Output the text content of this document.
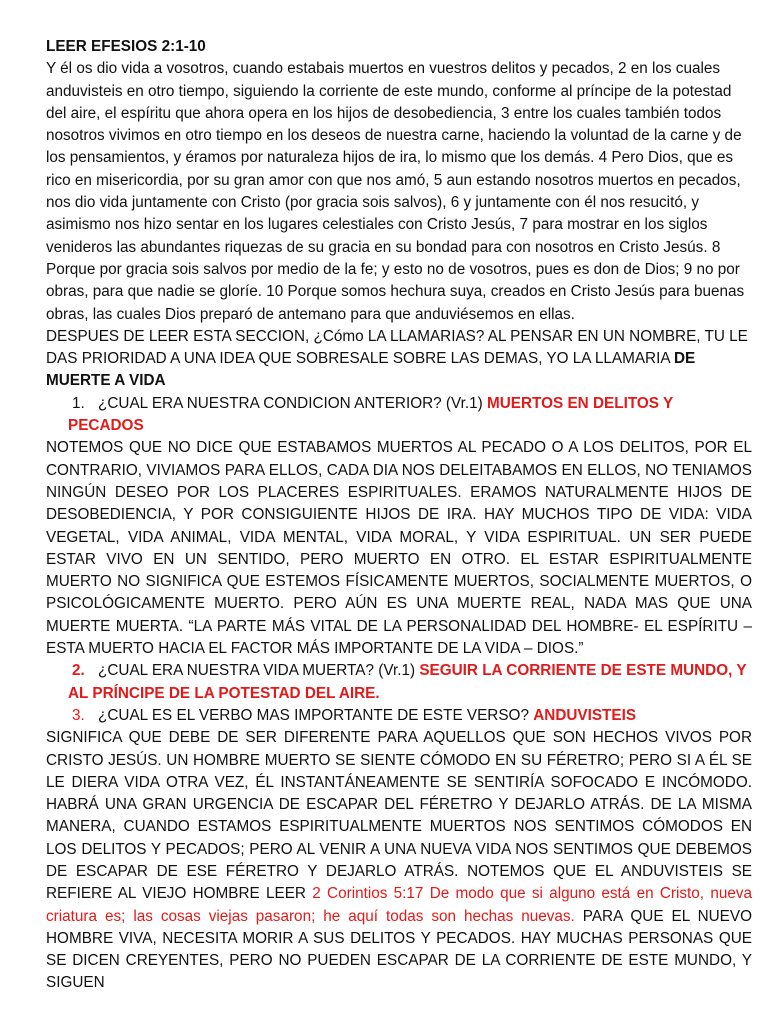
LEER EFESIOS 2:1-10

Y él os dio vida a vosotros, cuando estabais muertos en vuestros delitos y pecados, 2 en los cuales anduvisteis en otro tiempo, siguiendo la corriente de este mundo, conforme al príncipe de la potestad del aire, el espíritu que ahora opera en los hijos de desobediencia, 3 entre los cuales también todos nosotros vivimos en otro tiempo en los deseos de nuestra carne, haciendo la voluntad de la carne y de los pensamientos, y éramos por naturaleza hijos de ira, lo mismo que los demás. 4 Pero Dios, que es rico en misericordia, por su gran amor con que nos amó, 5 aun estando nosotros muertos en pecados, nos dio vida juntamente con Cristo (por gracia sois salvos), 6 y juntamente con él nos resucitó, y asimismo nos hizo sentar en los lugares celestiales con Cristo Jesús, 7 para mostrar en los siglos venideros las abundantes riquezas de su gracia en su bondad para con nosotros en Cristo Jesús. 8 Porque por gracia sois salvos por medio de la fe; y esto no de vosotros, pues es don de Dios; 9 no por obras, para que nadie se gloríe. 10 Porque somos hechura suya, creados en Cristo Jesús para buenas obras, las cuales Dios preparó de antemano para que anduviésemos en ellas.

DESPUES DE LEER ESTA SECCION, ¿Cómo LA LLAMARIAS? AL PENSAR EN UN NOMBRE, TU LE DAS PRIORIDAD A UNA IDEA QUE SOBRESALE SOBRE LAS DEMAS, YO LA LLAMARIA DE MUERTE A VIDA

1. ¿CUAL ERA NUESTRA CONDICION ANTERIOR? (Vr.1) MUERTOS EN DELITOS Y PECADOS

NOTEMOS QUE NO DICE QUE ESTABAMOS MUERTOS AL PECADO O A LOS DELITOS, POR EL CONTRARIO, VIVIAMOS PARA ELLOS, CADA DIA NOS DELEITABAMOS EN ELLOS, NO TENIAMOS NINGÚN DESEO POR LOS PLACERES ESPIRITUALES. ERAMOS NATURALMENTE HIJOS DE DESOBEDIENCIA, Y POR CONSIGUIENTE HIJOS DE IRA. HAY MUCHOS TIPO DE VIDA: VIDA VEGETAL, VIDA ANIMAL, VIDA MENTAL, VIDA MORAL, Y VIDA ESPIRITUAL. UN SER PUEDE ESTAR VIVO EN UN SENTIDO, PERO MUERTO EN OTRO. EL ESTAR ESPIRITUALMENTE MUERTO NO SIGNIFICA QUE ESTEMOS FÍSICAMENTE MUERTOS, SOCIALMENTE MUERTOS, O PSICOLÓGICAMENTE MUERTO. PERO AÚN ES UNA MUERTE REAL, NADA MAS QUE UNA MUERTE MUERTA. “LA PARTE MÁS VITAL DE LA PERSONALIDAD DEL HOMBRE- EL ESPÍRITU – ESTA MUERTO HACIA EL FACTOR MÁS IMPORTANTE DE LA VIDA – DIOS.”

2. ¿CUAL ERA NUESTRA VIDA MUERTA? (Vr.1) SEGUIR LA CORRIENTE DE ESTE MUNDO, Y AL PRÍNCIPE DE LA POTESTAD DEL AIRE.

3. ¿CUAL ES EL VERBO MAS IMPORTANTE DE ESTE VERSO? ANDUVISTEIS

SIGNIFICA QUE DEBE DE SER DIFERENTE PARA AQUELLOS QUE SON HECHOS VIVOS POR CRISTO JESÚS. UN HOMBRE MUERTO SE SIENTE CÓMODO EN SU FÉRETRO; PERO SI A ÉL SE LE DIERA VIDA OTRA VEZ, ÉL INSTANTÁNEAMENTE SE SENTIRÍA SOFOCADO E INCÓMODO. HABRÁ UNA GRAN URGENCIA DE ESCAPAR DEL FÉRETRO Y DEJARLO ATRÁS. DE LA MISMA MANERA, CUANDO ESTAMOS ESPIRITUALMENTE MUERTOS NOS SENTIMOS CÓMODOS EN LOS DELITOS Y PECADOS; PERO AL VENIR A UNA NUEVA VIDA NOS SENTIMOS QUE DEBEMOS DE ESCAPAR DE ESE FÉRETRO Y DEJARLO ATRÁS. NOTEMOS QUE EL ANDUVISTEIS SE REFIERE AL VIEJO HOMBRE LEER 2 Corintios 5:17 De modo que si alguno está en Cristo, nueva criatura es; las cosas viejas pasaron; he aquí todas son hechas nuevas. PARA QUE EL NUEVO HOMBRE VIVA, NECESITA MORIR A SUS DELITOS Y PECADOS. HAY MUCHAS PERSONAS QUE SE DICEN CREYENTES, PERO NO PUEDEN ESCAPAR DE LA CORRIENTE DE ESTE MUNDO, Y SIGUEN
